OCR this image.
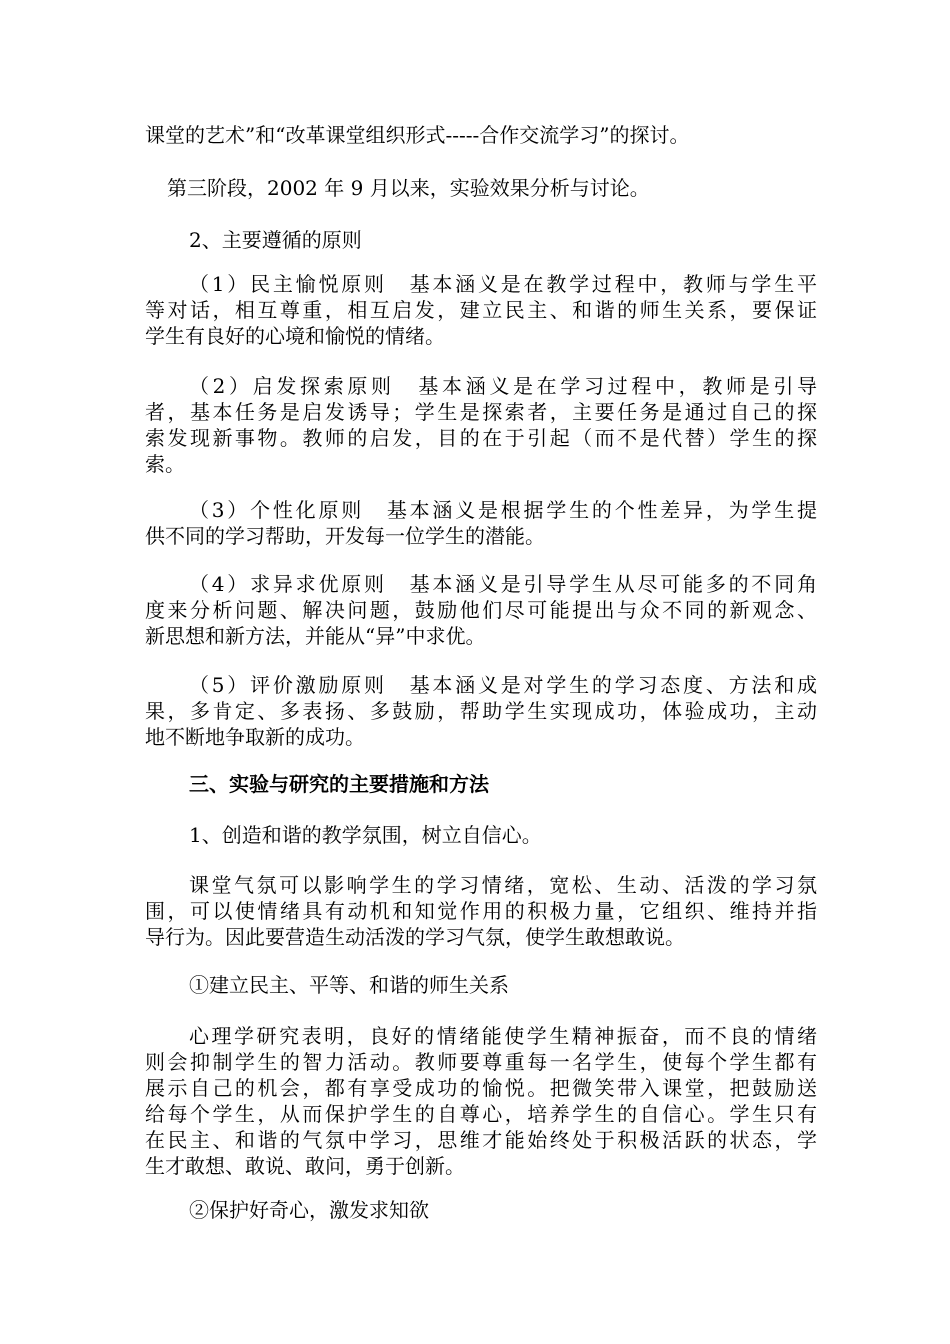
课堂的艺术”和“改革课堂组织形式-----合作交流学习”的探讨。
第三阶段，2002 年 9 月以来，实验效果分析与讨论。
2、主要遵循的原则
（1）民主愉悦原则　基本涵义是在教学过程中，教师与学生平
等对话，相互尊重，相互启发，建立民主、和谐的师生关系，要保证
学生有良好的心境和愉悦的情绪。
（2）启发探索原则　基本涵义是在学习过程中，教师是引导
者，基本任务是启发诱导；学生是探索者，主要任务是通过自己的探
索发现新事物。教师的启发，目的在于引起（而不是代替）学生的探
索。
（3）个性化原则　基本涵义是根据学生的个性差异，为学生提
供不同的学习帮助，开发每一位学生的潜能。
（4）求异求优原则　基本涵义是引导学生从尽可能多的不同角
度来分析问题、解决问题，鼓励他们尽可能提出与众不同的新观念、
新思想和新方法，并能从“异”中求优。
（5）评价激励原则　基本涵义是对学生的学习态度、方法和成
果，多肯定、多表扬、多鼓励，帮助学生实现成功，体验成功，主动
地不断地争取新的成功。
三、实验与研究的主要措施和方法
1、创造和谐的教学氛围，树立自信心。
课堂气氛可以影响学生的学习情绪，宽松、生动、活泼的学习氛
围，可以使情绪具有动机和知觉作用的积极力量，它组织、维持并指
导行为。因此要营造生动活泼的学习气氛，使学生敢想敢说。
①建立民主、平等、和谐的师生关系
心理学研究表明，良好的情绪能使学生精神振奋，而不良的情绪
则会抑制学生的智力活动。教师要尊重每一名学生，使每个学生都有
展示自己的机会，都有享受成功的愉悦。把微笑带入课堂，把鼓励送
给每个学生，从而保护学生的自尊心，培养学生的自信心。学生只有
在民主、和谐的气氛中学习，思维才能始终处于积极活跃的状态，学
生才敢想、敢说、敢问，勇于创新。
②保护好奇心，激发求知欲
